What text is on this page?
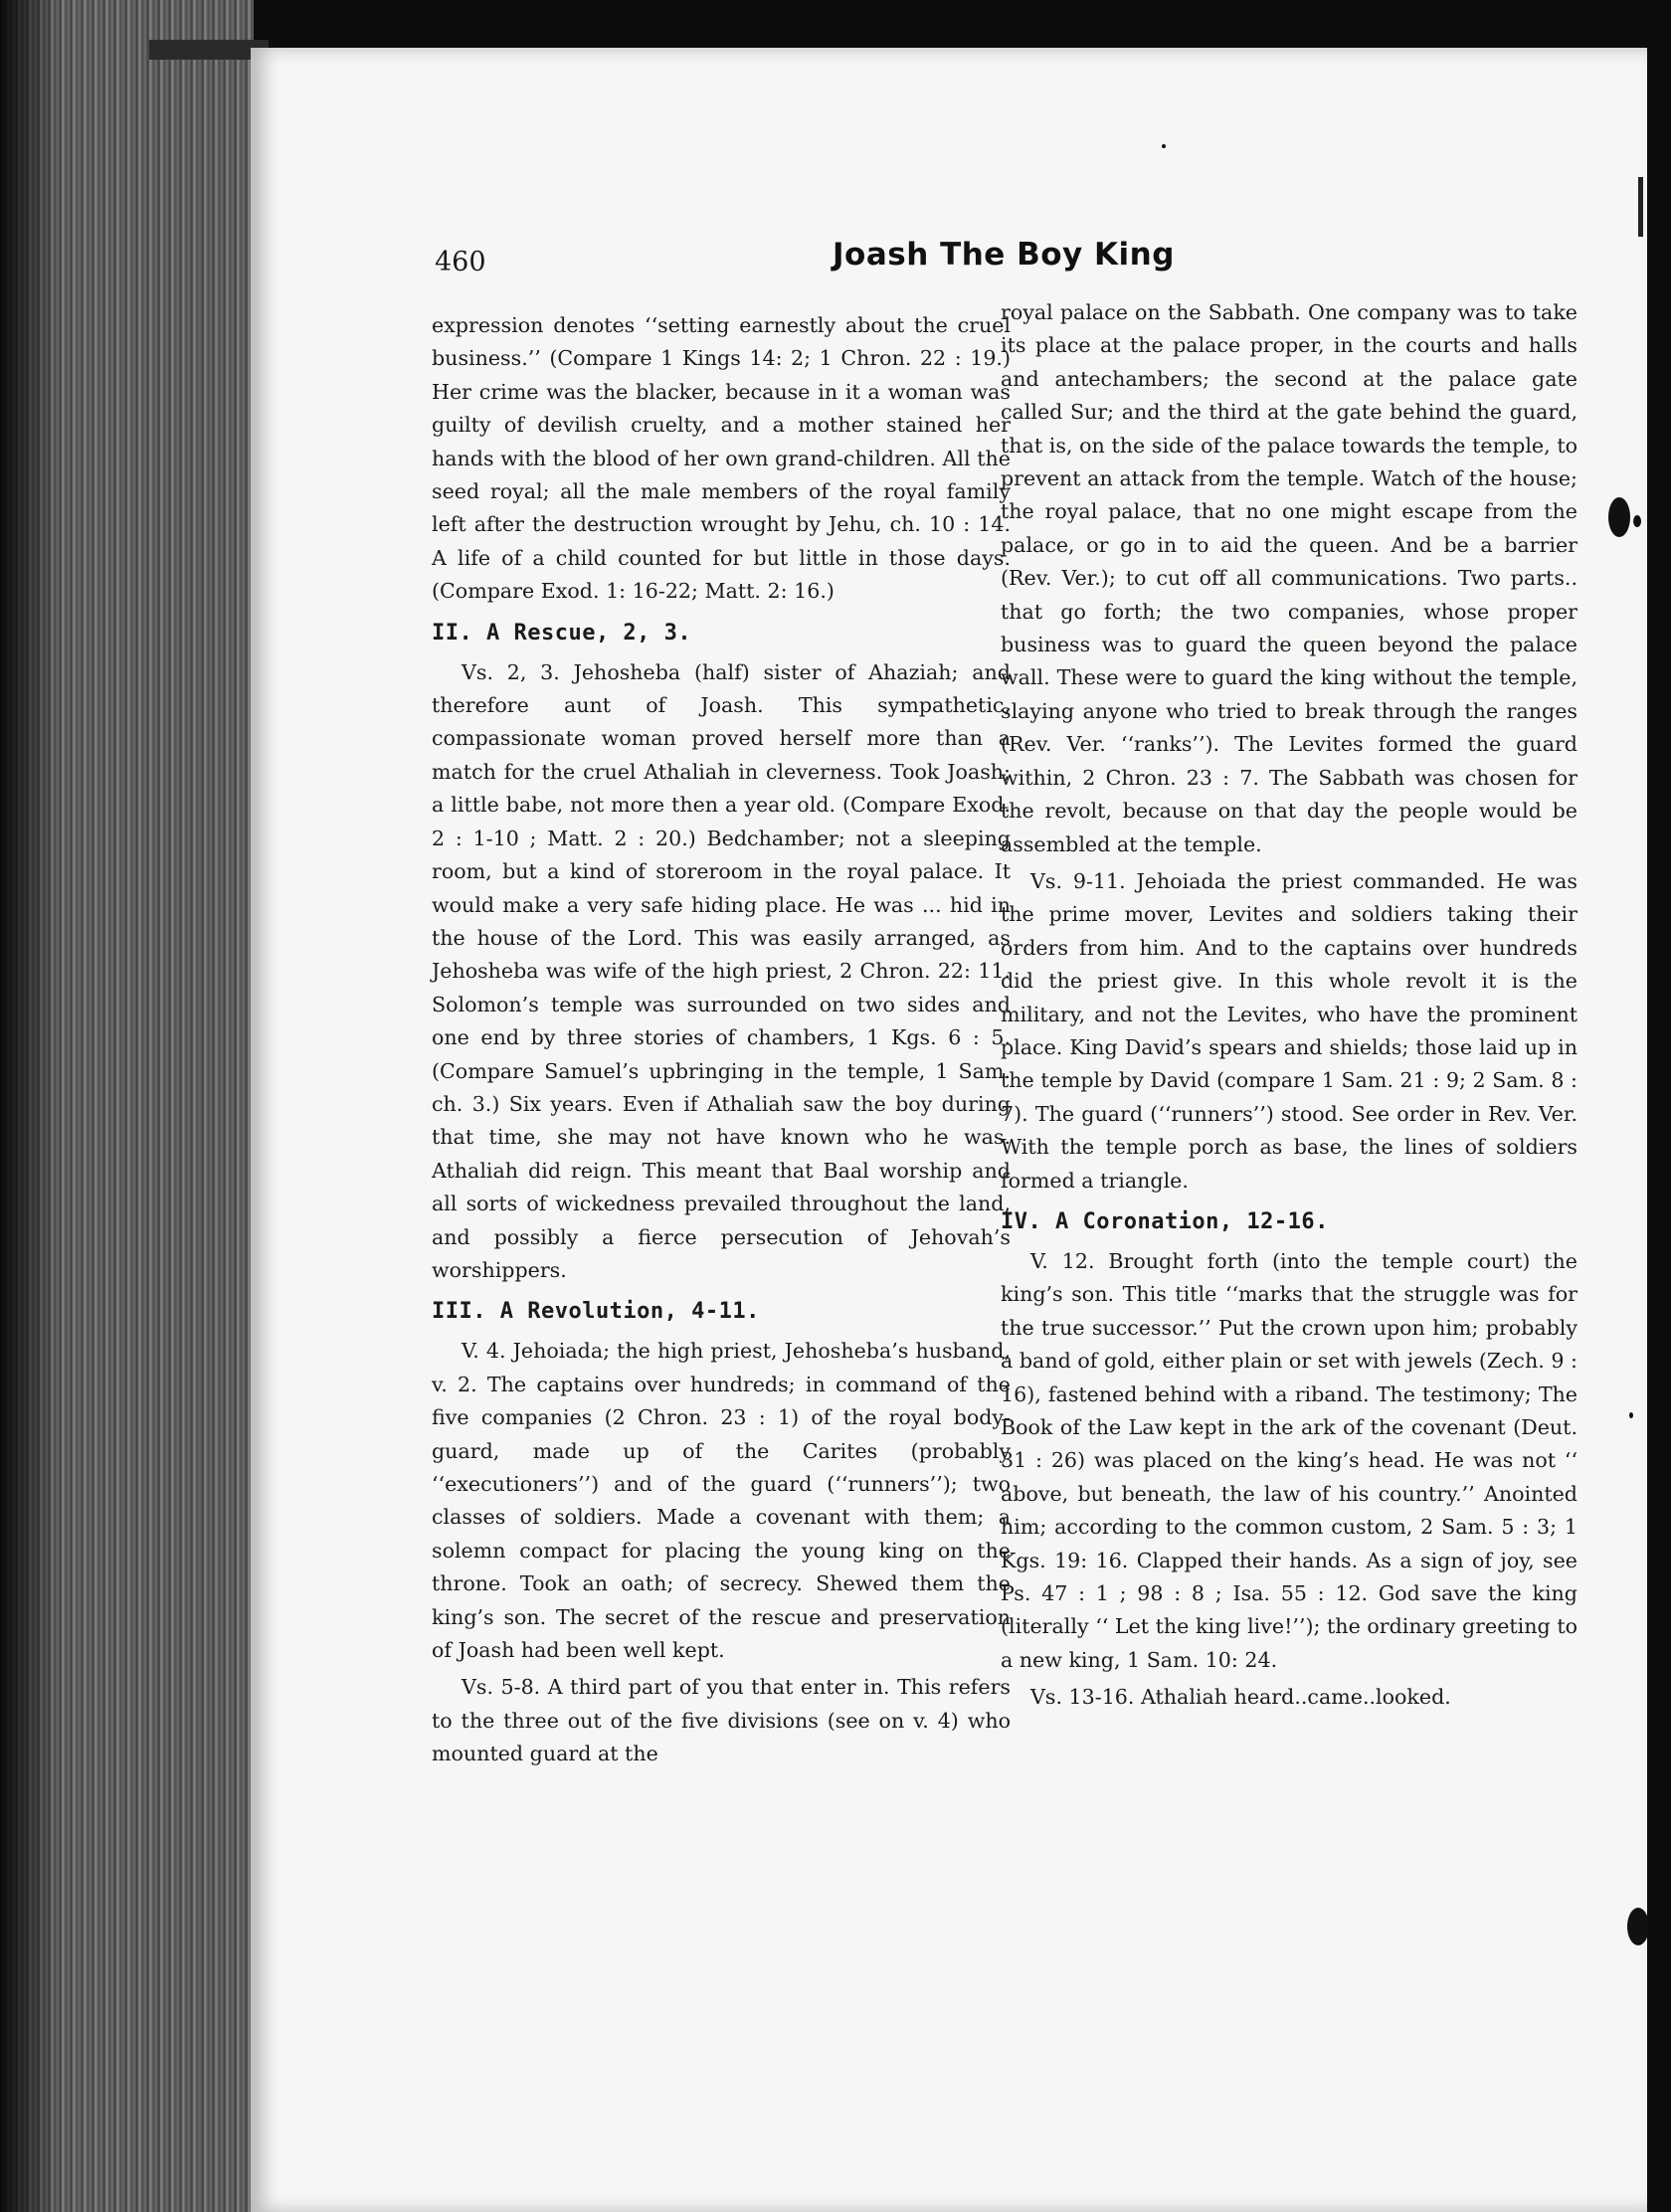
460	Joash The Boy King

expression denotes ‘‘setting earnestly about the cruel business.’’ (Compare 1 Kings 14: 2; 1 Chron. 22 : 19.) Her crime was the blacker, because in it a woman was guilty of devilish cruelty, and a mother stained her hands with the blood of her own grand-children. All the seed royal; all the male members of the royal family left after the destruction wrought by Jehu, ch. 10 : 14. A life of a child counted for but little in those days. (Compare Exod. 1: 16-22; Matt. 2: 16.)

II. A Rescue, 2, 3.

Vs. 2, 3. Jehosheba (half) sister of Ahaziah; and therefore aunt of Joash. This sympathetic, compassionate woman proved herself more than a match for the cruel Athaliah in cleverness. Took Joash; a little babe, not more then a year old. (Compare Exod. 2 : 1-10 ; Matt. 2 : 20.) Bedchamber; not a sleeping room, but a kind of storeroom in the royal palace. It would make a very safe hiding place. He was ... hid in the house of the Lord. This was easily arranged, as Jehosheba was wife of the high priest, 2 Chron. 22: 11. Solomon’s temple was surrounded on two sides and one end by three stories of chambers, 1 Kgs. 6 : 5. (Compare Samuel’s upbringing in the temple, 1 Sam. ch. 3.) Six years. Even if Athaliah saw the boy during that time, she may not have known who he was. Athaliah did reign. This meant that Baal worship and all sorts of wickedness prevailed throughout the land, and possibly a fierce persecution of Jehovah’s worshippers.

III. A Revolution, 4-11.

V. 4. Jehoiada; the high priest, Jehosheba’s husband, v. 2. The captains over hundreds; in command of the five companies (2 Chron. 23 : 1) of the royal body-guard, made up of the Carites (probably ‘‘executioners’’) and of the guard (‘‘runners’’); two classes of soldiers. Made a covenant with them; a solemn compact for placing the young king on the throne. Took an oath; of secrecy. Shewed them the king’s son. The secret of the rescue and preservation of Joash had been well kept.

Vs. 5-8. A third part of you that enter in. This refers to the three out of the five divisions (see on v. 4) who mounted guard at the

royal palace on the Sabbath. One company was to take its place at the palace proper, in the courts and halls and antechambers; the second at the palace gate called Sur; and the third at the gate behind the guard, that is, on the side of the palace towards the temple, to prevent an attack from the temple. Watch of the house; the royal palace, that no one might escape from the palace, or go in to aid the queen. And be a barrier (Rev. Ver.); to cut off all communications. Two parts.. that go forth; the two companies, whose proper business was to guard the queen beyond the palace wall. These were to guard the king without the temple, slaying anyone who tried to break through the ranges (Rev. Ver. ‘‘ranks’’). The Levites formed the guard within, 2 Chron. 23 : 7. The Sabbath was chosen for the revolt, because on that day the people would be assembled at the temple.

Vs. 9-11. Jehoiada the priest commanded. He was the prime mover, Levites and soldiers taking their orders from him. And to the captains over hundreds did the priest give. In this whole revolt it is the military, and not the Levites, who have the prominent place. King David’s spears and shields; those laid up in the temple by David (compare 1 Sam. 21 : 9; 2 Sam. 8 : 7). The guard (‘‘runners’’) stood. See order in Rev. Ver. With the temple porch as base, the lines of soldiers formed a triangle.

IV. A Coronation, 12-16.

V. 12. Brought forth (into the temple court) the king’s son. This title ‘‘marks that the struggle was for the true successor.’’ Put the crown upon him; probably a band of gold, either plain or set with jewels (Zech. 9 : 16), fastened behind with a riband. The testimony; The Book of the Law kept in the ark of the covenant (Deut. 31 : 26) was placed on the king’s head. He was not ‘‘ above, but beneath, the law of his country.’’ Anointed him; according to the common custom, 2 Sam. 5 : 3; 1 Kgs. 19: 16. Clapped their hands. As a sign of joy, see Ps. 47 : 1 ; 98 : 8 ; Isa. 55 : 12. God save the king (literally ‘‘ Let the king live!’’); the ordinary greeting to a new king, 1 Sam. 10: 24.

Vs. 13-16. Athaliah heard..came..looked.
